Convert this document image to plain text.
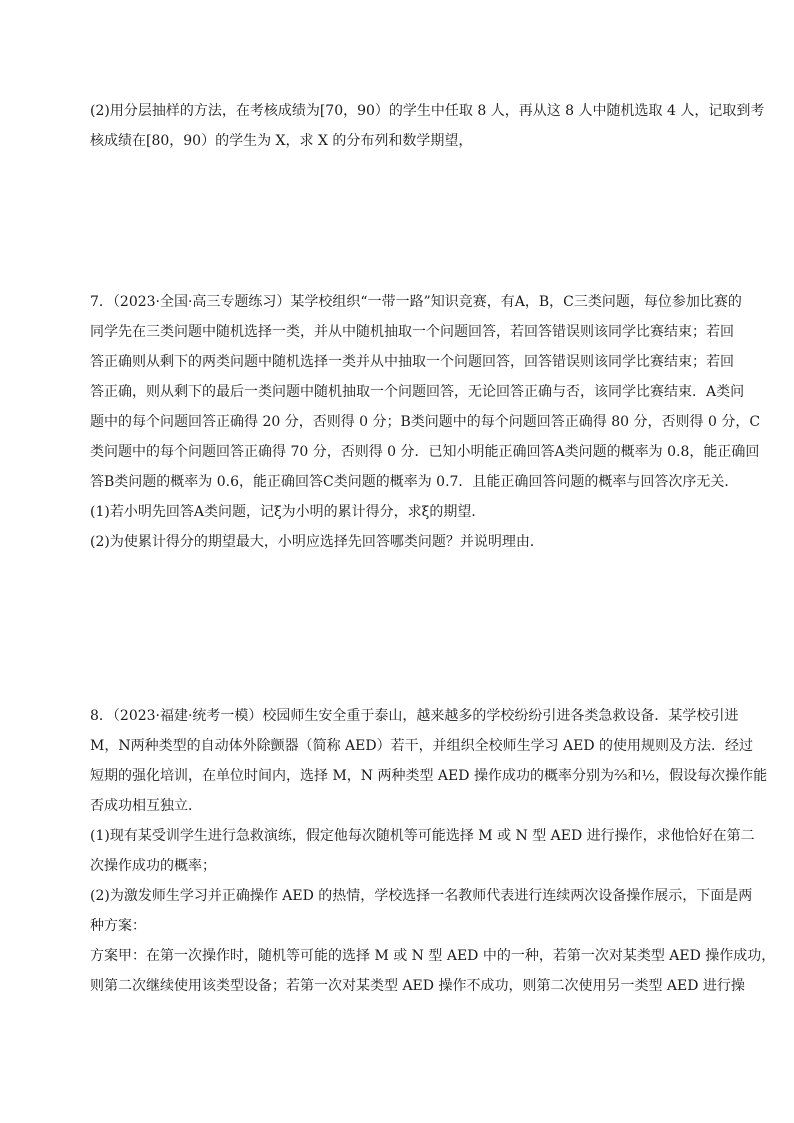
(2)用分层抽样的方法，在考核成绩为[70，90）的学生中任取 8 人，再从这 8 人中随机选取 4 人，记取到考
核成绩在[80，90）的学生为 X，求 X 的分布列和数学期望，

7．（2023·全国·高三专题练习）某学校组织“一带一路”知识竞赛，有A，B，C三类问题，每位参加比赛的
同学先在三类问题中随机选择一类，并从中随机抽取一个问题回答，若回答错误则该同学比赛结束；若回
答正确则从剩下的两类问题中随机选择一类并从中抽取一个问题回答，回答错误则该同学比赛结束；若回
答正确，则从剩下的最后一类问题中随机抽取一个问题回答，无论回答正确与否，该同学比赛结束．A类问
题中的每个问题回答正确得 20 分，否则得 0 分；B类问题中的每个问题回答正确得 80 分，否则得 0 分，C
类问题中的每个问题回答正确得 70 分，否则得 0 分．已知小明能正确回答A类问题的概率为 0.8，能正确回
答B类问题的概率为 0.6，能正确回答C类问题的概率为 0.7．且能正确回答问题的概率与回答次序无关．
(1)若小明先回答A类问题，记ξ为小明的累计得分，求ξ的期望．
(2)为使累计得分的期望最大，小明应选择先回答哪类问题？并说明理由．

8．（2023·福建·统考一模）校园师生安全重于泰山，越来越多的学校纷纷引进各类急救设备．某学校引进
M，N两种类型的自动体外除颤器（简称 AED）若干，并组织全校师生学习 AED 的使用规则及方法．经过
短期的强化培训，在单位时间内，选择 M，N 两种类型 AED 操作成功的概率分别为⅔和½，假设每次操作能
否成功相互独立．
(1)现有某受训学生进行急救演练，假定他每次随机等可能选择 M 或 N 型 AED 进行操作，求他恰好在第二
次操作成功的概率；
(2)为激发师生学习并正确操作 AED 的热情，学校选择一名教师代表进行连续两次设备操作展示，下面是两
种方案：
方案甲：在第一次操作时，随机等可能的选择 M 或 N 型 AED 中的一种，若第一次对某类型 AED 操作成功，
则第二次继续使用该类型设备；若第一次对某类型 AED 操作不成功，则第二次使用另一类型 AED 进行操
